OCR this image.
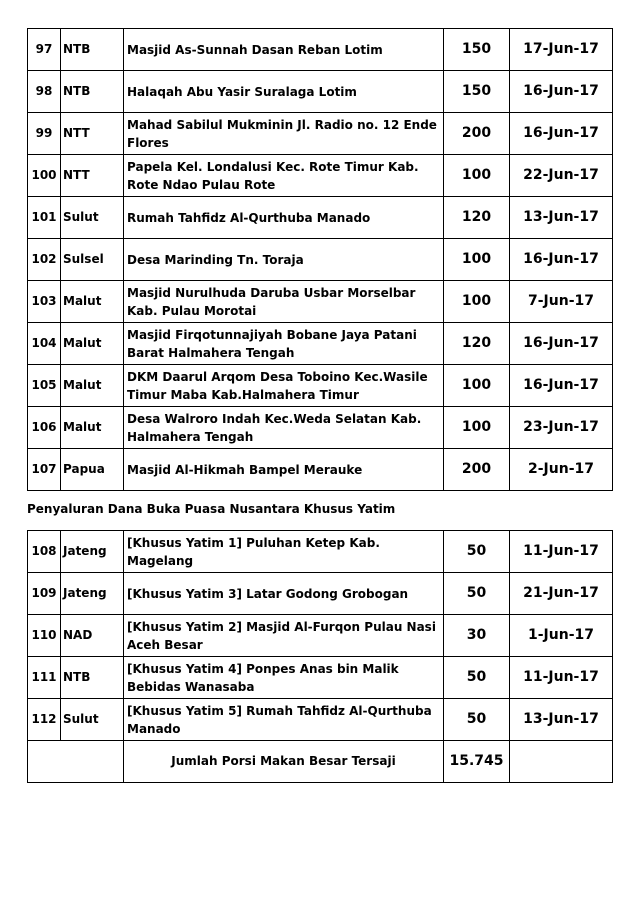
97	NTB	Masjid As-Sunnah Dasan Reban Lotim	150	17-Jun-17
98	NTB	Halaqah Abu Yasir Suralaga Lotim	150	16-Jun-17
99	NTT	Mahad Sabilul Mukminin Jl. Radio no. 12 Ende Flores	200	16-Jun-17
100	NTT	Papela Kel. Londalusi Kec. Rote Timur Kab. Rote Ndao Pulau Rote	100	22-Jun-17
101	Sulut	Rumah Tahfidz Al-Qurthuba Manado	120	13-Jun-17
102	Sulsel	Desa Marinding Tn. Toraja	100	16-Jun-17
103	Malut	Masjid Nurulhuda Daruba Usbar Morselbar Kab. Pulau Morotai	100	7-Jun-17
104	Malut	Masjid Firqotunnajiyah Bobane Jaya Patani Barat Halmahera Tengah	120	16-Jun-17
105	Malut	DKM Daarul Arqom Desa Toboino Kec.Wasile Timur Maba Kab.Halmahera Timur	100	16-Jun-17
106	Malut	Desa Walroro Indah Kec.Weda Selatan Kab. Halmahera Tengah	100	23-Jun-17
107	Papua	Masjid Al-Hikmah Bampel Merauke	200	2-Jun-17
Penyaluran Dana Buka Puasa Nusantara Khusus Yatim
108	Jateng	[Khusus Yatim 1] Puluhan Ketep Kab. Magelang	50	11-Jun-17
109	Jateng	[Khusus Yatim 3] Latar Godong Grobogan	50	21-Jun-17
110	NAD	[Khusus Yatim 2] Masjid Al-Furqon Pulau Nasi Aceh Besar	30	1-Jun-17
111	NTB	[Khusus Yatim 4] Ponpes Anas bin Malik Bebidas Wanasaba	50	11-Jun-17
112	Sulut	[Khusus Yatim 5] Rumah Tahfidz Al-Qurthuba Manado	50	13-Jun-17
		Jumlah Porsi Makan Besar Tersaji	15.745	
